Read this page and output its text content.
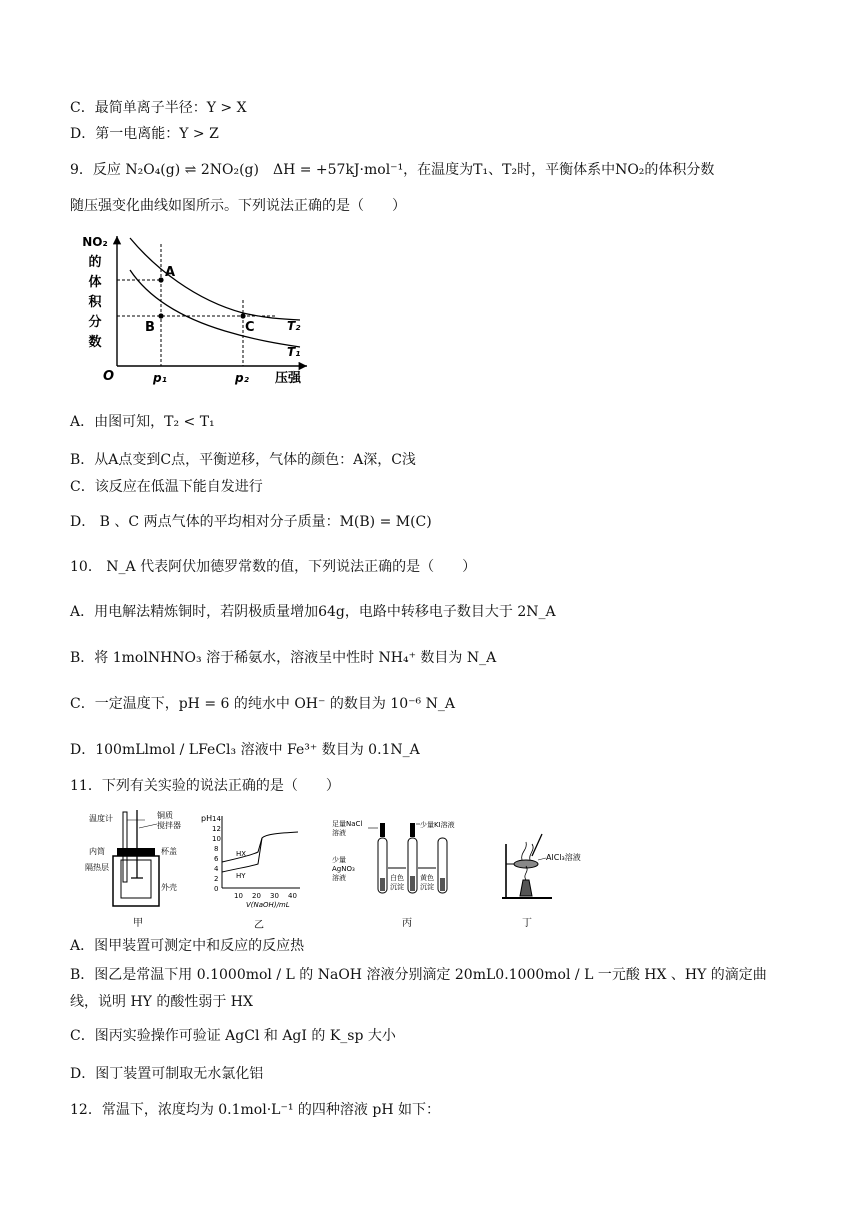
C．最简单离子半径：Y > X
D．第一电离能：Y > Z
9．反应 N₂O₄(g) ⇌ 2NO₂(g)　ΔH = +57kJ·mol⁻¹，在温度为T₁、T₂时，平衡体系中NO₂的体积分数
随压强变化曲线如图所示。下列说法正确的是（　　）
NO₂
的
体
积
分
数
A
B	C	T₂
T₁
O	p₁	p₂ 压强
A．由图可知，T₂ < T₁
B．从A点变到C点，平衡逆移，气体的颜色：A深，C浅
C．该反应在低温下能自发进行
D． B 、C 两点气体的平均相对分子质量：M(B) = M(C)
10． N_A 代表阿伏加德罗常数的值，下列说法正确的是（　　）
A．用电解法精炼铜时，若阴极质量增加64g，电路中转移电子数目大于 2N_A
B．将 1molNHNO₃ 溶于稀氨水，溶液呈中性时 NH₄⁺ 数目为 N_A
C．一定温度下，pH = 6 的纯水中 OH⁻ 的数目为 10⁻⁶ N_A
D．100mLlmol / LFeCl₃ 溶液中 Fe³⁺ 数目为 0.1N_A
11．下列有关实验的说法正确的是（　　）
温度计	铜质
搅拌器
内筒	杯盖
隔热层
外壳
甲
pH 14
12
10
8
6
4
2
0
HX
HY
10 20 30 40
V(NaOH)/mL
乙
足量NaCl
溶液
少量KI溶液
少量
AgNO₃
溶液	白色
沉淀
黄色
沉淀
丙
AlCl₃溶液
丁
A．图甲装置可测定中和反应的反应热
B．图乙是常温下用 0.1000mol / L 的 NaOH 溶液分别滴定 20mL0.1000mol / L 一元酸 HX 、HY 的滴定曲线，说明 HY 的酸性弱于 HX
C．图丙实验操作可验证 AgCl 和 AgI 的 K_sp 大小
D．图丁装置可制取无水氯化铝
12．常温下，浓度均为 0.1mol·L⁻¹ 的四种溶液 pH 如下：
